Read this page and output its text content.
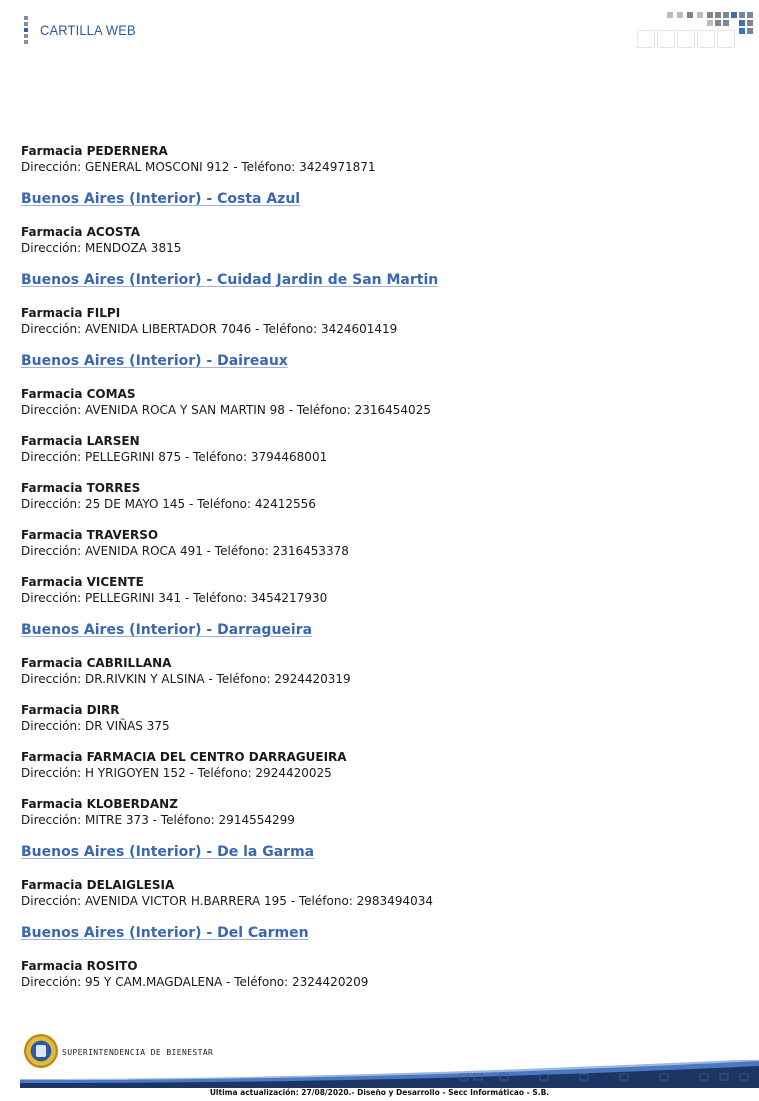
CARTILLA WEB
Farmacia PEDERNERA
Dirección: GENERAL MOSCONI 912 - Teléfono: 3424971871
Buenos Aires (Interior) - Costa Azul
Farmacia ACOSTA
Dirección: MENDOZA 3815
Buenos Aires (Interior) - Cuidad Jardin de San Martin
Farmacia FILPI
Dirección: AVENIDA LIBERTADOR 7046 - Teléfono: 3424601419
Buenos Aires (Interior) - Daireaux
Farmacia COMAS
Dirección: AVENIDA ROCA Y SAN MARTIN 98 - Teléfono: 2316454025
Farmacia LARSEN
Dirección: PELLEGRINI 875 - Teléfono: 3794468001
Farmacia TORRES
Dirección: 25 DE MAYO 145 - Teléfono: 42412556
Farmacia TRAVERSO
Dirección: AVENIDA ROCA 491 - Teléfono: 2316453378
Farmacia VICENTE
Dirección: PELLEGRINI 341 - Teléfono: 3454217930
Buenos Aires (Interior) - Darragueira
Farmacia CABRILLANA
Dirección: DR.RIVKIN Y ALSINA - Teléfono: 2924420319
Farmacia DIRR
Dirección: DR VIÑAS 375
Farmacia FARMACIA DEL CENTRO DARRAGUEIRA
Dirección: H YRIGOYEN 152 - Teléfono: 2924420025
Farmacia KLOBERDANZ
Dirección: MITRE 373 - Teléfono: 2914554299
Buenos Aires (Interior) - De la Garma
Farmacia DELAIGLESIA
Dirección: AVENIDA VICTOR H.BARRERA 195 - Teléfono: 2983494034
Buenos Aires (Interior) - Del Carmen
Farmacia ROSITO
Dirección: 95 Y CAM.MAGDALENA - Teléfono: 2324420209
SUPERINTENDENCIA DE BIENESTAR
Ultima actualización: 27/08/2020.- Diseño y Desarrollo - Secc Informáticao - S.B.
